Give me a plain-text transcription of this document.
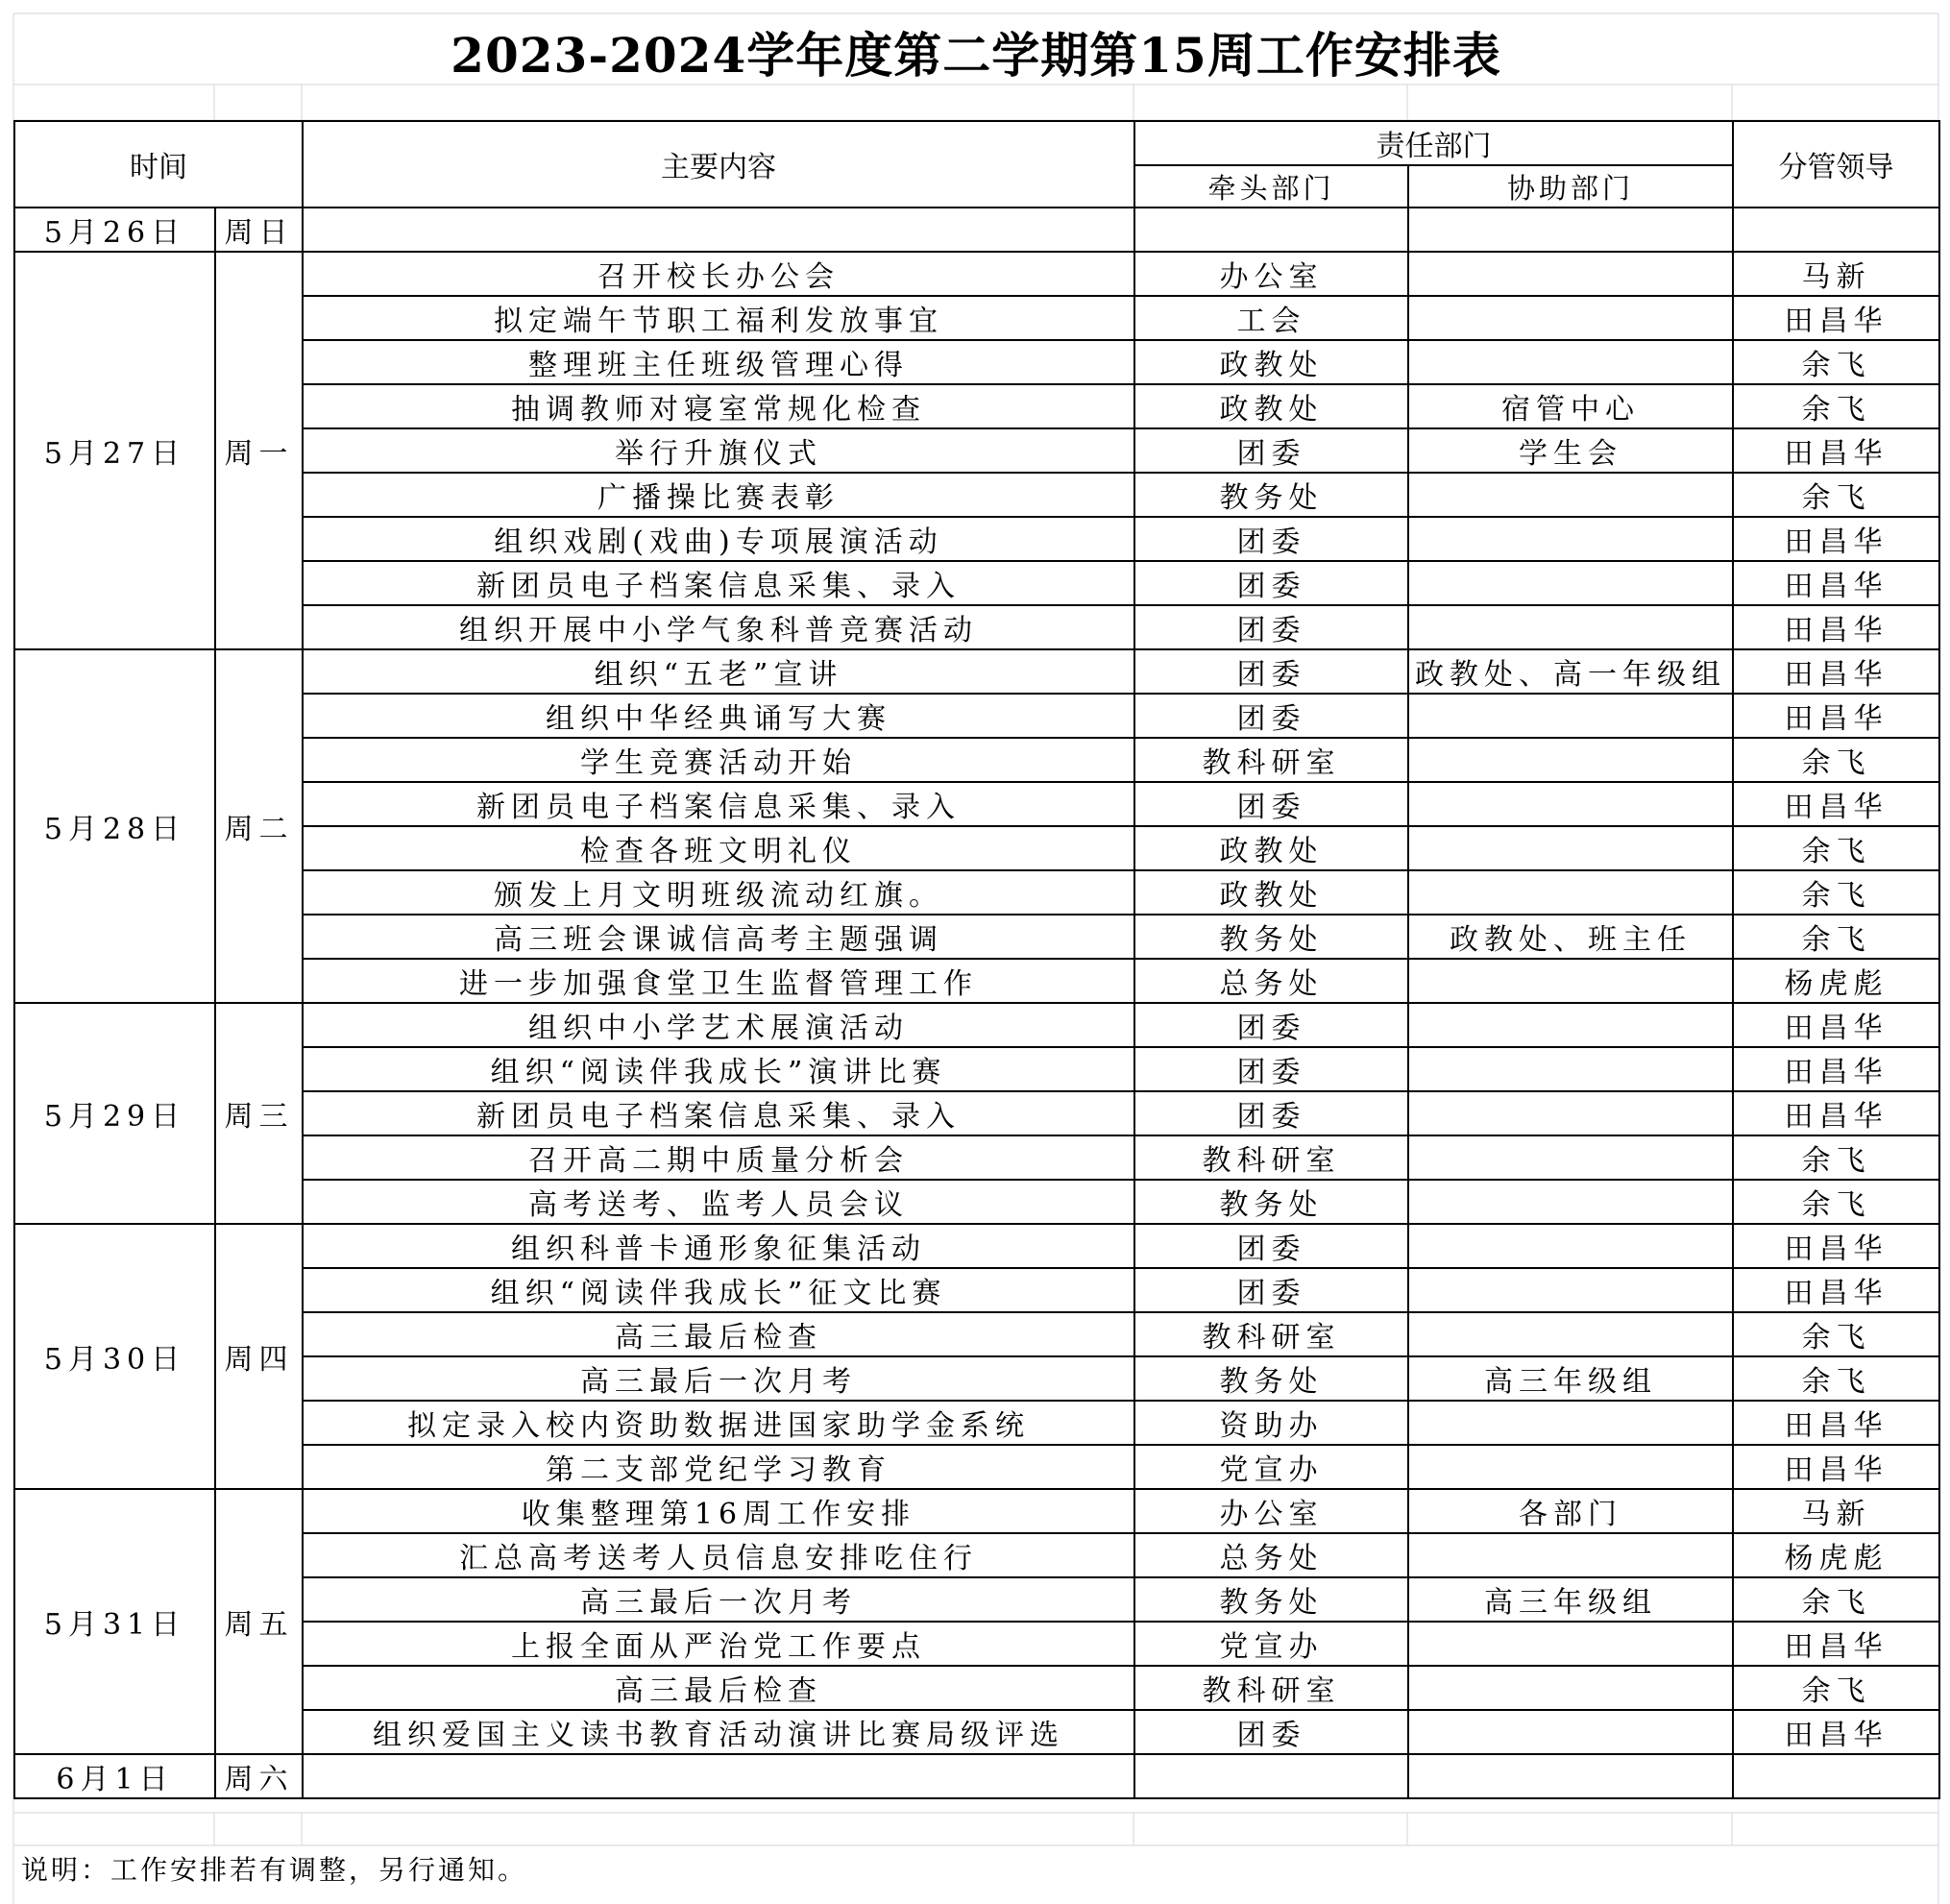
2023-2024学年度第二学期第15周工作安排表
时间		主要内容	责任部门		分管领导
			牵头部门	协助部门	
5月26日	周日				
5月27日	周一	召开校长办公会	办公室		马新
		拟定端午节职工福利发放事宜	工会		田昌华
		整理班主任班级管理心得	政教处		余飞
		抽调教师对寝室常规化检查	政教处	宿管中心	余飞
		举行升旗仪式	团委	学生会	田昌华
		广播操比赛表彰	教务处		余飞
		组织戏剧(戏曲)专项展演活动	团委		田昌华
		新团员电子档案信息采集、录入	团委		田昌华
		组织开展中小学气象科普竞赛活动	团委		田昌华
5月28日	周二	组织“五老”宣讲	团委	政教处、高一年级组	田昌华
		组织中华经典诵写大赛	团委		田昌华
		学生竞赛活动开始	教科研室		余飞
		新团员电子档案信息采集、录入	团委		田昌华
		检查各班文明礼仪	政教处		余飞
		颁发上月文明班级流动红旗。	政教处		余飞
		高三班会课诚信高考主题强调	教务处	政教处、班主任	余飞
		进一步加强食堂卫生监督管理工作	总务处		杨虎彪
5月29日	周三	组织中小学艺术展演活动	团委		田昌华
		组织“阅读伴我成长”演讲比赛	团委		田昌华
		新团员电子档案信息采集、录入	团委		田昌华
		召开高二期中质量分析会	教科研室		余飞
		高考送考、监考人员会议	教务处		余飞
5月30日	周四	组织科普卡通形象征集活动	团委		田昌华
		组织“阅读伴我成长”征文比赛	团委		田昌华
		高三最后检查	教科研室		余飞
		高三最后一次月考	教务处	高三年级组	余飞
		拟定录入校内资助数据进国家助学金系统	资助办		田昌华
		第二支部党纪学习教育	党宣办		田昌华
5月31日	周五	收集整理第16周工作安排	办公室	各部门	马新
		汇总高考送考人员信息安排吃住行	总务处		杨虎彪
		高三最后一次月考	教务处	高三年级组	余飞
		上报全面从严治党工作要点	党宣办		田昌华
		高三最后检查	教科研室		余飞
		组织爱国主义读书教育活动演讲比赛局级评选	团委		田昌华
6月1日	周六				
说明：工作安排若有调整，另行通知。
